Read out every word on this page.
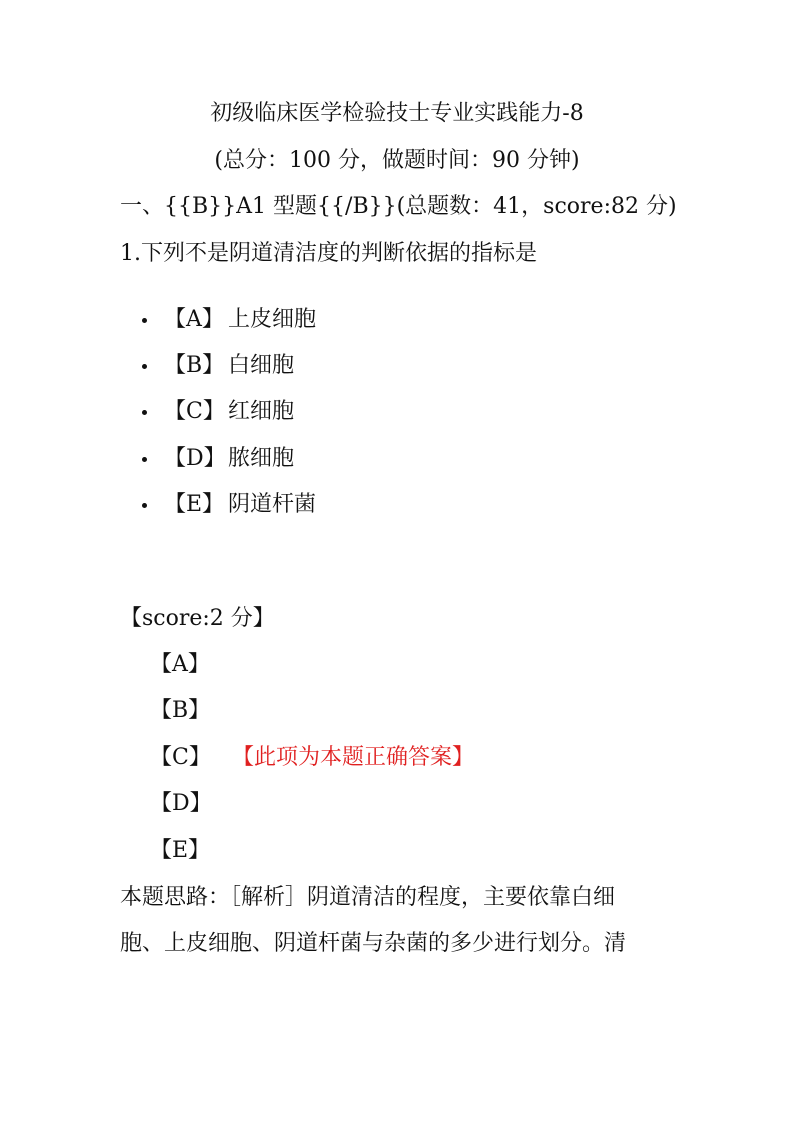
初级临床医学检验技士专业实践能力-8
(总分：100 分，做题时间：90 分钟)
一、{{B}}A1 型题{{/B}}(总题数：41，score:82 分)
1.下列不是阴道清洁度的判断依据的指标是
【A】 上皮细胞
【B】 白细胞
【C】 红细胞
【D】 脓细胞
【E】 阴道杆菌
【score:2 分】
【A】
【B】
【C】 【此项为本题正确答案】
【D】
【E】
本题思路：［解析］阴道清洁的程度，主要依靠白细
胞、上皮细胞、阴道杆菌与杂菌的多少进行划分。清
